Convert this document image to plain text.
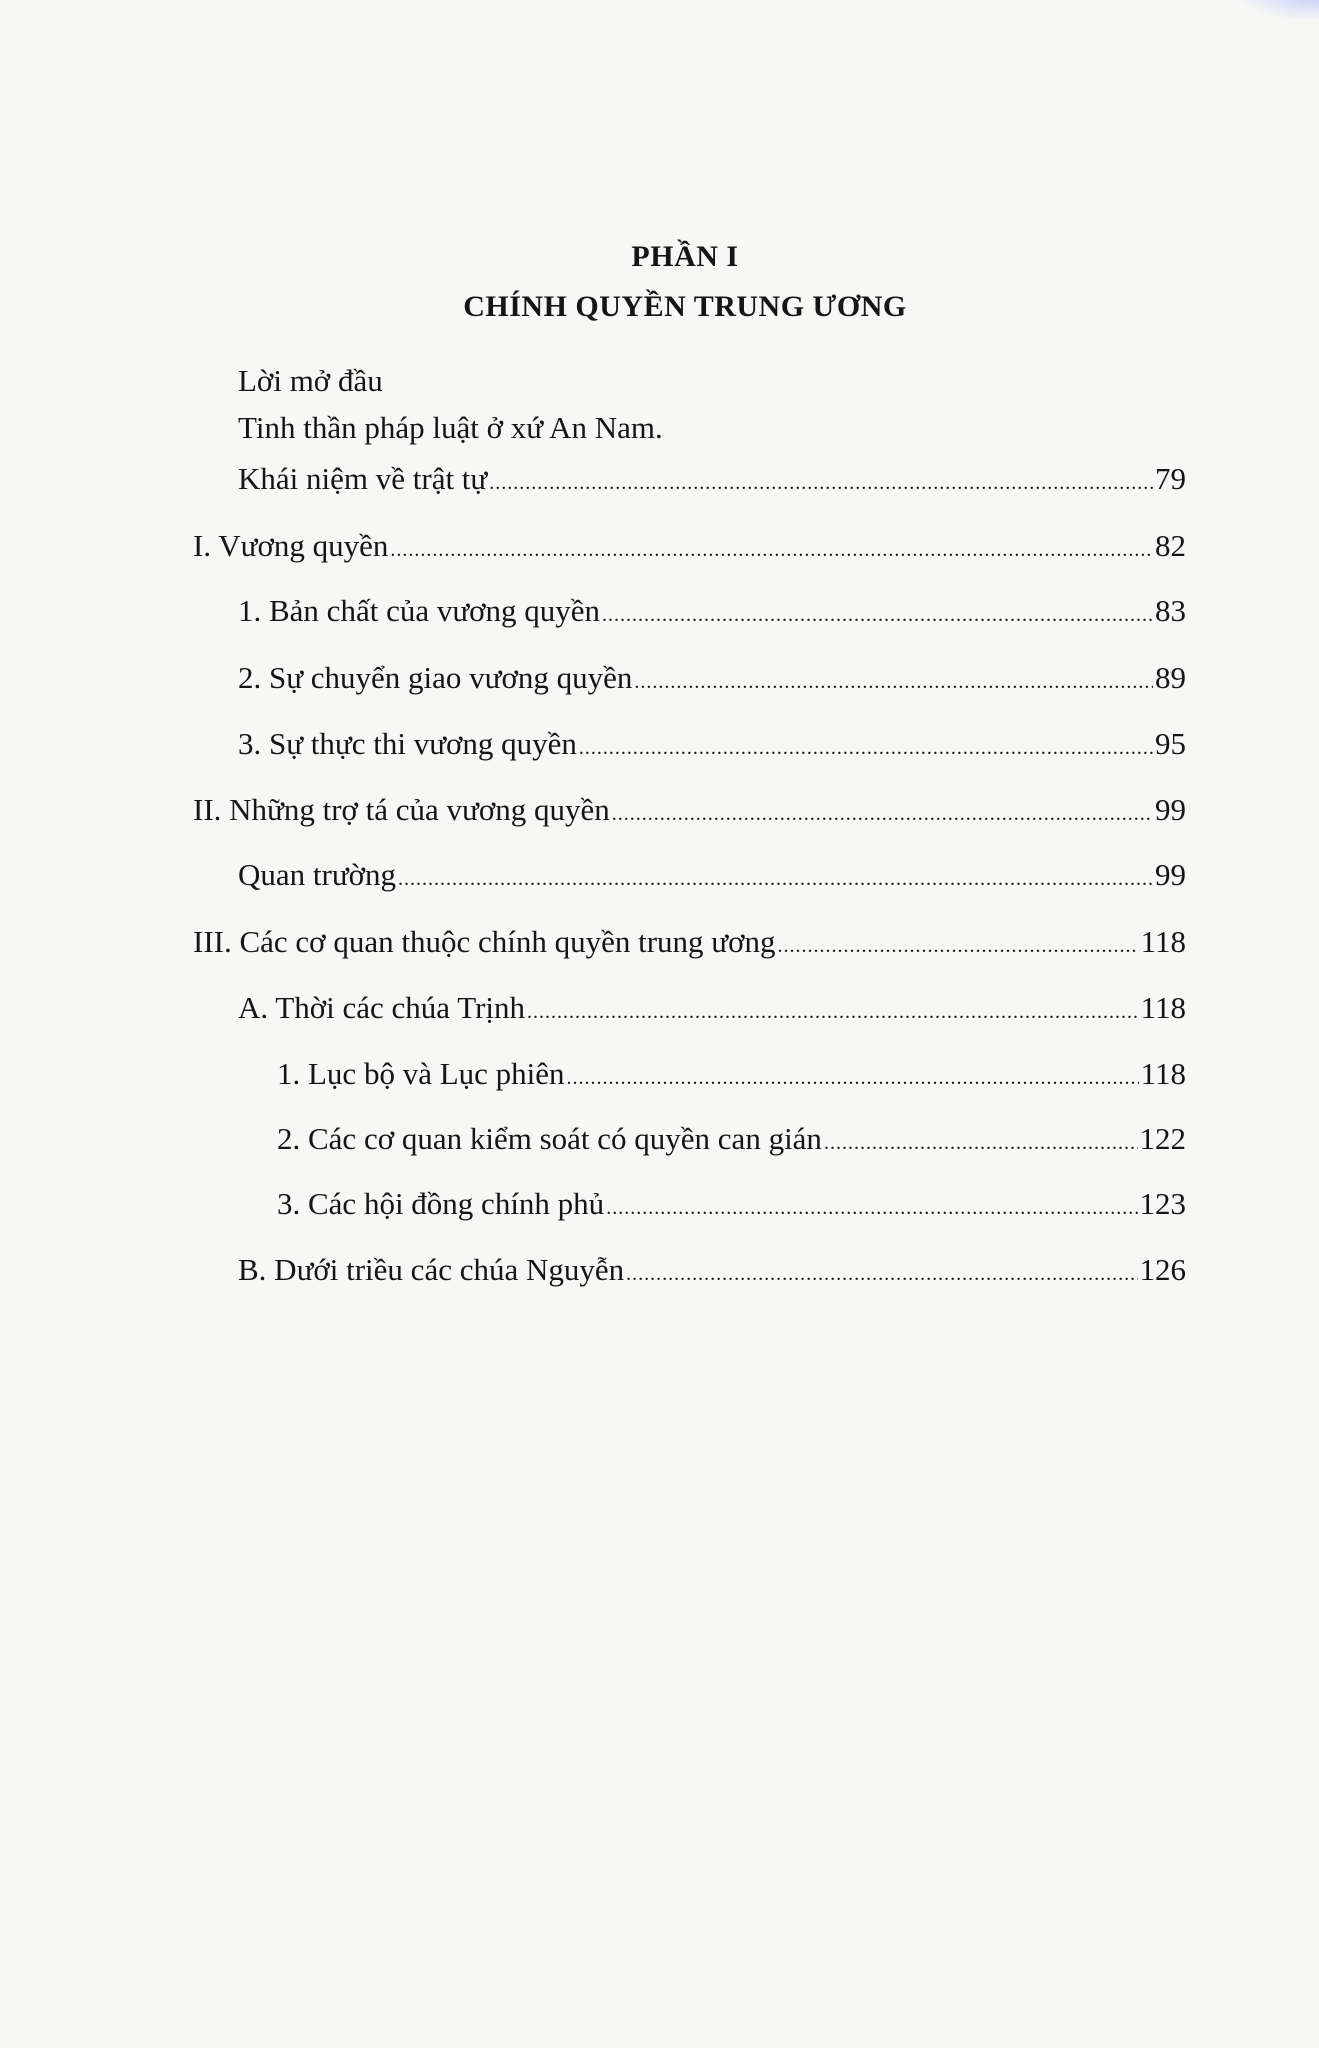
PHẦN I
CHÍNH QUYỀN TRUNG ƯƠNG
Lời mở đầu
Tinh thần pháp luật ở xứ An Nam.
Khái niệm về trật tự
.....	79
I. Vương quyền
.....	82
1. Bản chất của vương quyền
.....	83
2. Sự chuyển giao vương quyền
.....	89
3. Sự thực thi vương quyền
.....	95
II. Những trợ tá của vương quyền
.....	99
Quan trường
.....	99
III. Các cơ quan thuộc chính quyền trung ương
.....	118
A. Thời các chúa Trịnh
.....	118
1. Lục bộ và Lục phiên
.....	118
2. Các cơ quan kiểm soát có quyền can gián
.....	122
3. Các hội đồng chính phủ
.....	123
B. Dưới triều các chúa Nguyễn
.....	126
